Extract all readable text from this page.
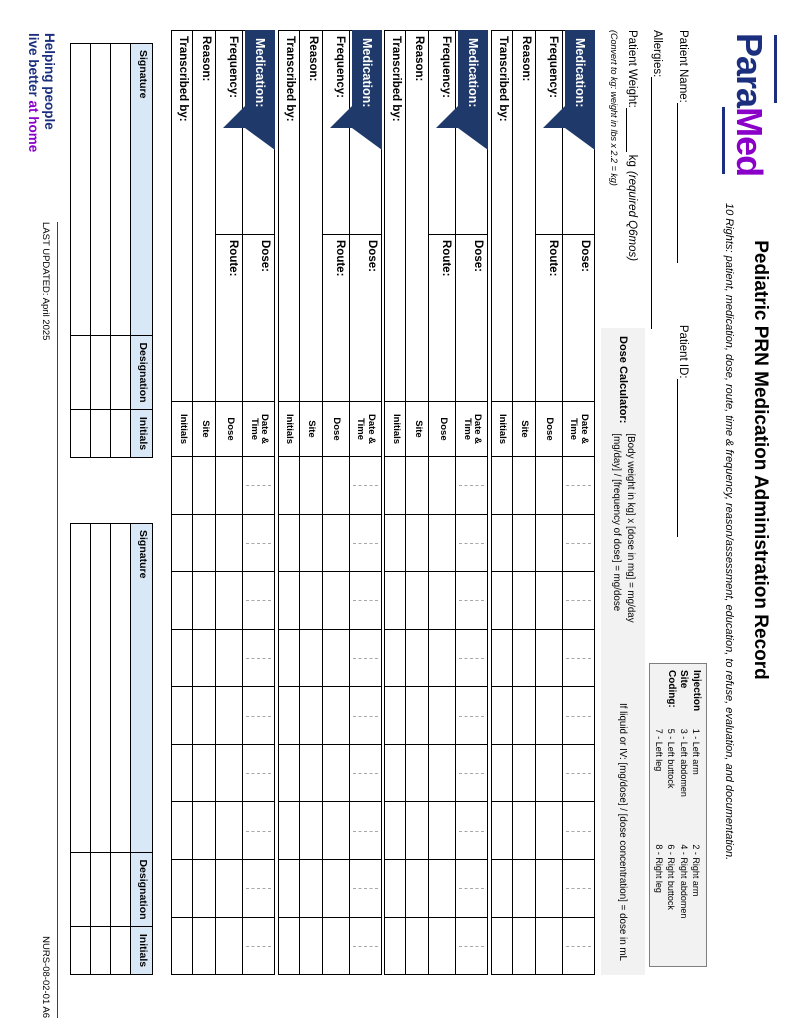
ParaMed
Pediatric PRN Medication Administration Record
10 Rights: patient, medication, dose, route, time & frequency, reason/assessment, education, to refuse, evaluation, and documentation.
Injection
Site
Coding:
1 - Left arm
3 - Left abdomen
5 - Left buttock
7 - Left leg
2 - Right arm
4 - Right abdomen
6 - Right buttock
8 - Right leg
Patient Name:
Patient ID:
Allergies:
Patient Weight:
kg
(required Q6mos)
(Convert to kg: weight in lbs x 2.2 = kg)
Dose Calculator:
[Body weight in kg] x [dose in mg] = mg/day
[mg/day] / [frequency of dose] = mg/dose
If liquid or IV: [mg/dose] / [dose concentration] = dose in mL
Medication:
Dose:
Date &
Time
Frequency:
Route:
Dose
Reason:
Site
Transcribed by:
Initials
Medication:
Dose:
Date &
Time
Frequency:
Route:
Dose
Reason:
Site
Transcribed by:
Initials
Medication:
Dose:
Date &
Time
Frequency:
Route:
Dose
Reason:
Site
Transcribed by:
Initials
Medication:
Dose:
Date &
Time
Frequency:
Route:
Dose
Reason:
Site
Transcribed by:
Initials
Signature
Designation
Initials
Signature
Designation
Initials
Helping people
live better at home
LAST UPDATED: April 2025
NURS-08-02-01 A6
